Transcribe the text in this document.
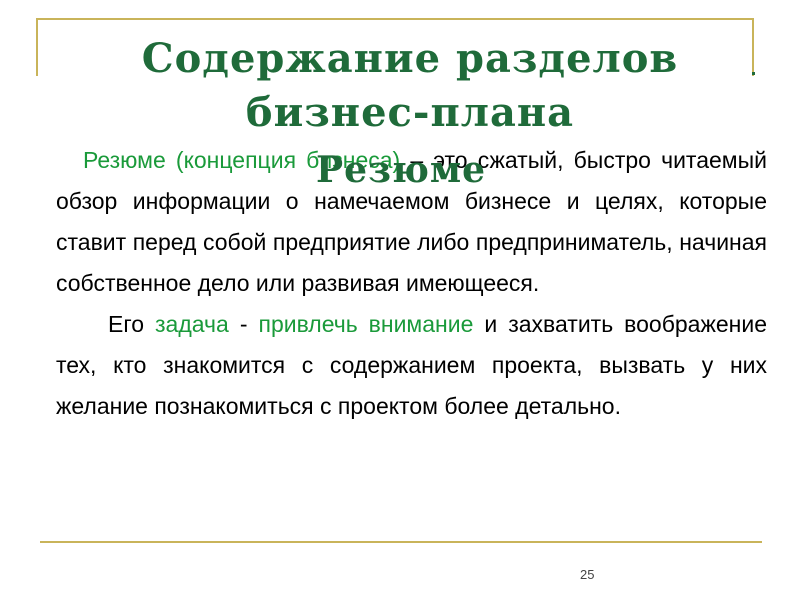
Содержание разделов
бизнес-плана

Резюме (концепция бизнеса) – это сжатый, быстро читаемый обзор информации о намечаемом бизнесе и целях, которые ставит перед собой предприятие либо предприниматель, начиная собственное дело или развивая имеющееся.

Его задача - привлечь внимание и захватить воображение тех, кто знакомится с содержанием проекта, вызвать у них желание познакомиться с проектом более детально.

Резюме
25
